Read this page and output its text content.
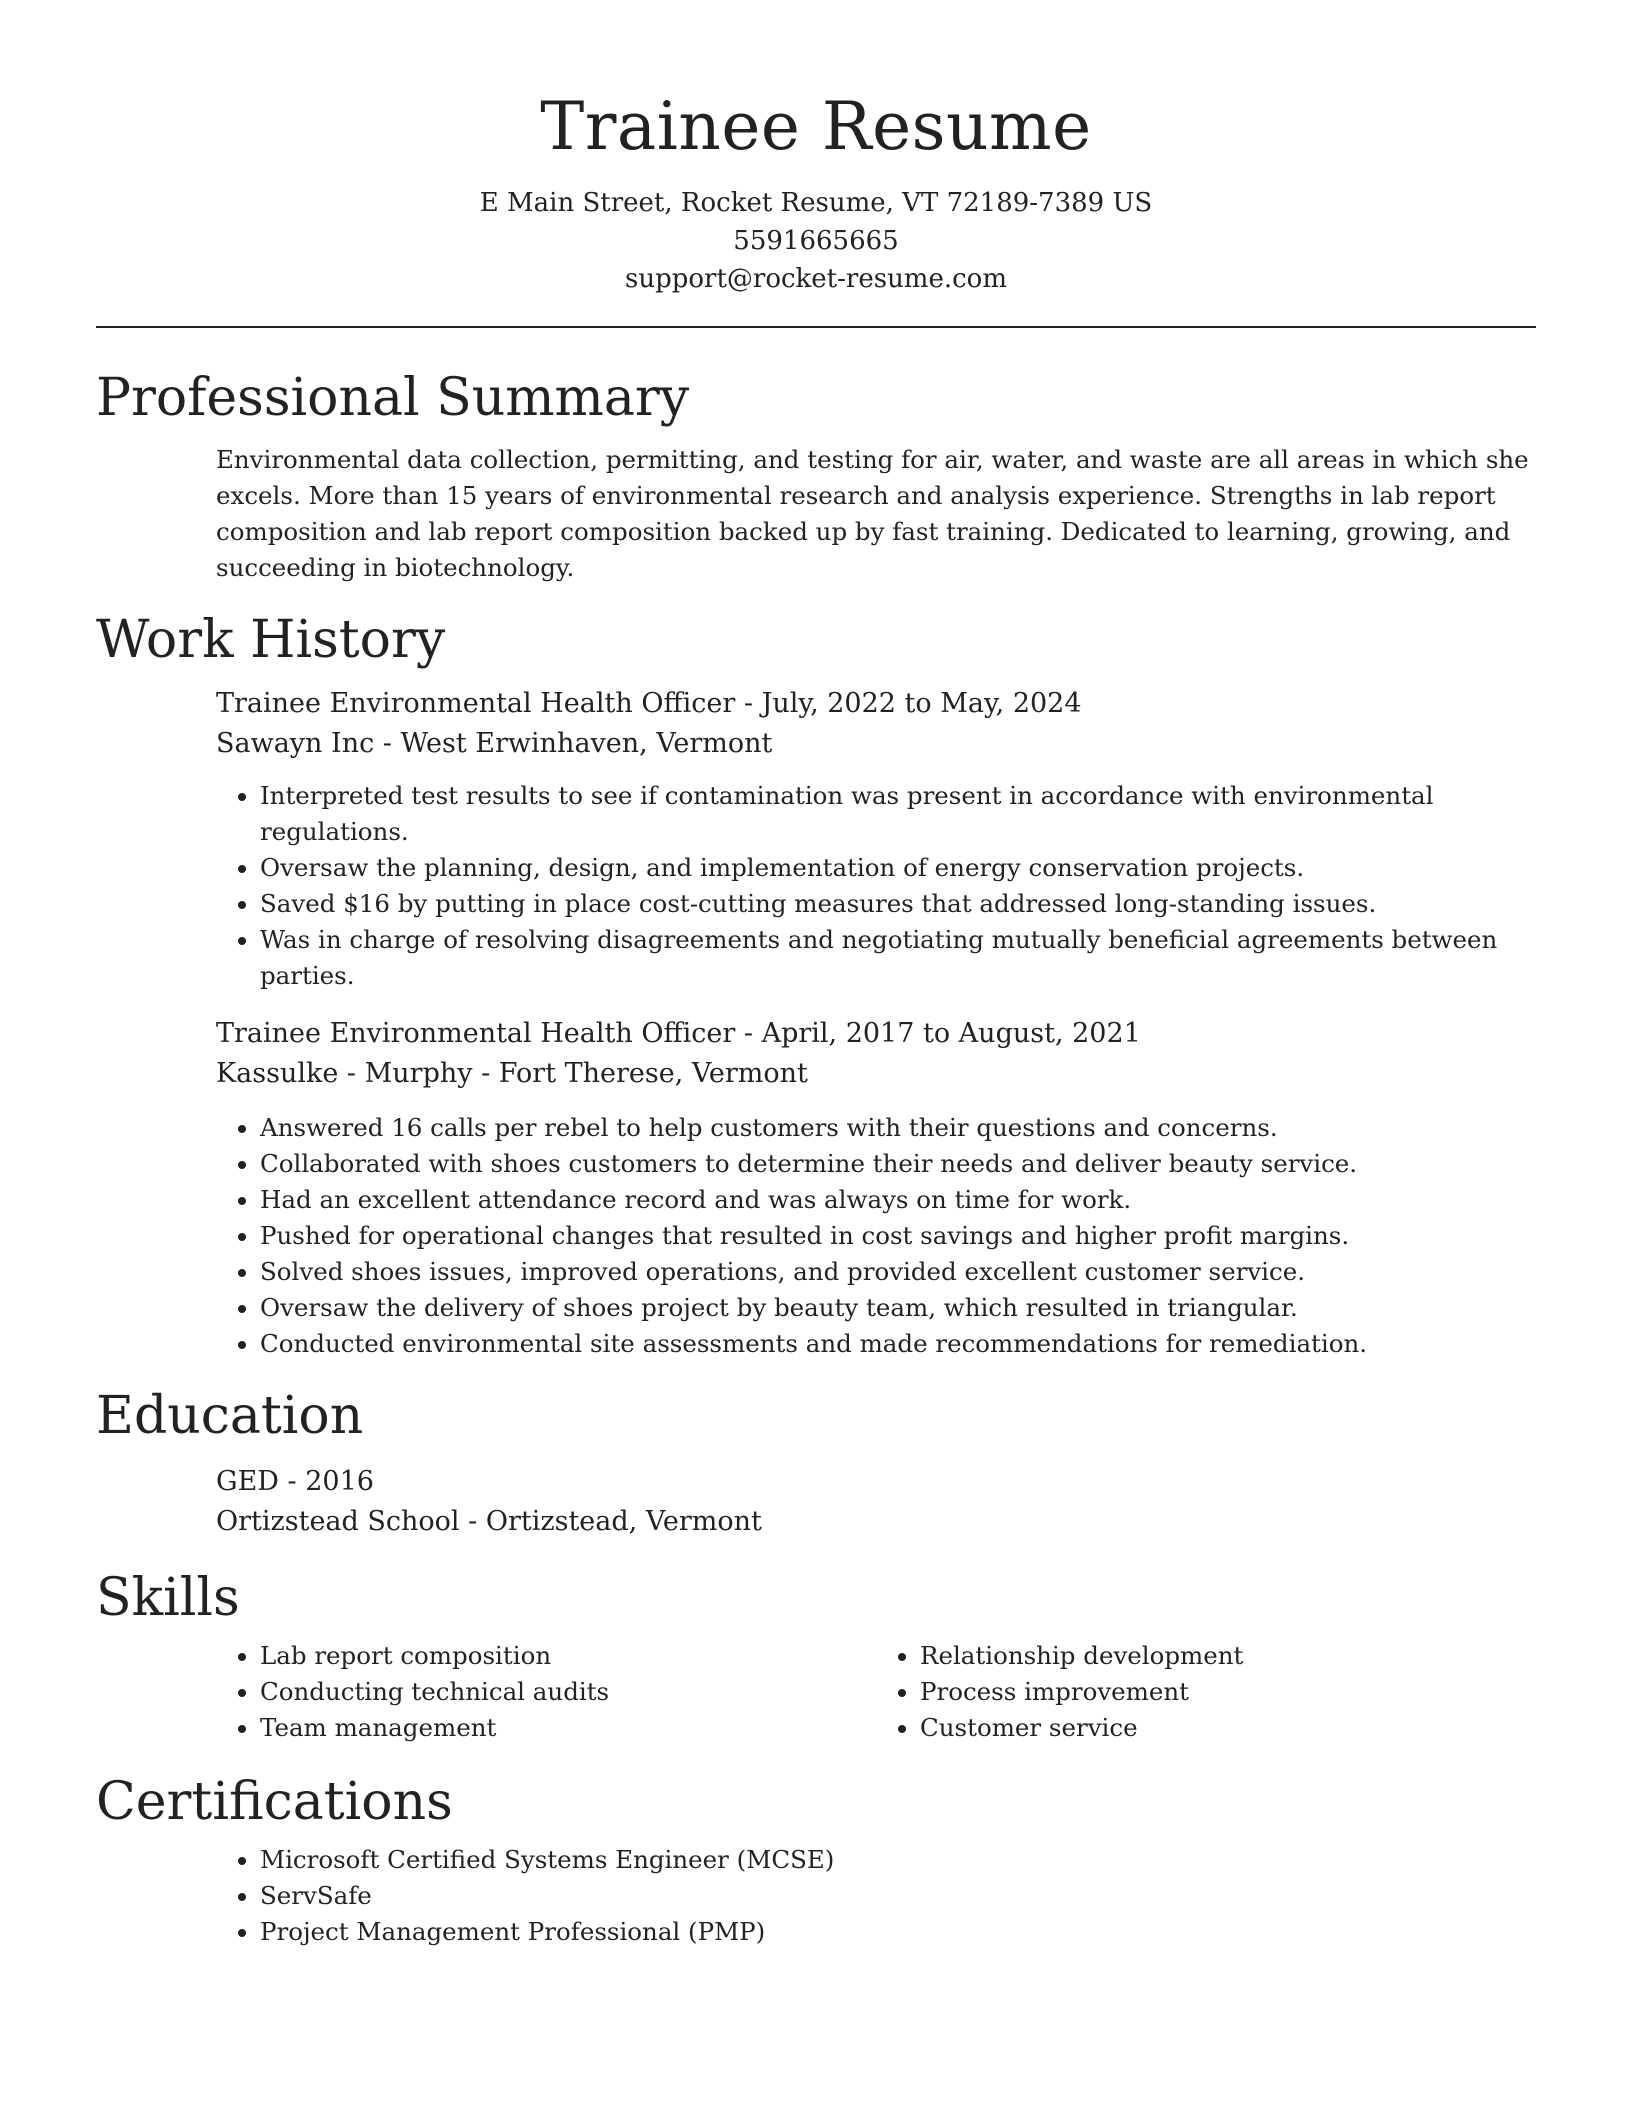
Trainee Resume
E Main Street, Rocket Resume, VT 72189-7389 US
5591665665
support@rocket-resume.com
Professional Summary
Environmental data collection, permitting, and testing for air, water, and waste are all areas in which she excels. More than 15 years of environmental research and analysis experience. Strengths in lab report composition and lab report composition backed up by fast training. Dedicated to learning, growing, and succeeding in biotechnology.
Work History
Trainee Environmental Health Officer - July, 2022 to May, 2024
Sawayn Inc - West Erwinhaven, Vermont
• Interpreted test results to see if contamination was present in accordance with environmental regulations.
• Oversaw the planning, design, and implementation of energy conservation projects.
• Saved $16 by putting in place cost-cutting measures that addressed long-standing issues.
• Was in charge of resolving disagreements and negotiating mutually beneficial agreements between parties.
Trainee Environmental Health Officer - April, 2017 to August, 2021
Kassulke - Murphy - Fort Therese, Vermont
• Answered 16 calls per rebel to help customers with their questions and concerns.
• Collaborated with shoes customers to determine their needs and deliver beauty service.
• Had an excellent attendance record and was always on time for work.
• Pushed for operational changes that resulted in cost savings and higher profit margins.
• Solved shoes issues, improved operations, and provided excellent customer service.
• Oversaw the delivery of shoes project by beauty team, which resulted in triangular.
• Conducted environmental site assessments and made recommendations for remediation.
Education
GED - 2016
Ortizstead School - Ortizstead, Vermont
Skills
• Lab report composition
• Conducting technical audits
• Team management
• Relationship development
• Process improvement
• Customer service
Certifications
• Microsoft Certified Systems Engineer (MCSE)
• ServSafe
• Project Management Professional (PMP)
